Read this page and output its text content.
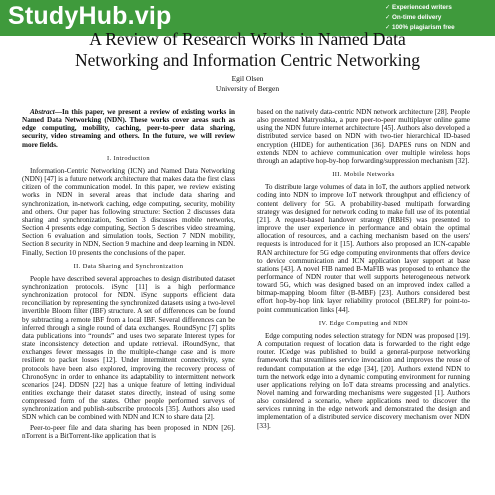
StudyHub.vip	✓ Experienced writers
✓ On-time delivery
✓ 100% plagiarism free
A Review of Research Works in Named Data
Networking and Information Centric Networking
Egil Olsen
University of Bergen

Abstract—In this paper, we present a review of existing works in Named Data Networking (NDN). These works cover areas such as edge computing, mobility, caching, peer-to-peer data sharing, security, video streaming and others. In the future, we will review more fields.

I. Introduction

Information-Centric Networking (ICN) and Named Data Networking (NDN) [47] is a future network architecture that makes data the first class citizen of the communication model. In this paper, we review existing works in NDN in several areas that include data sharing and synchronization, in-network caching, edge computing, security, mobility and others. Our paper has following structure: Section 2 discusses data sharing and synchronization, Section 3 discusses mobile networks, Section 4 presents edge computing, Section 5 describes video streaming, Section 6 evaluation and simulation tools, Section 7 NDN mobility, Section 8 security in NDN, Section 9 machine and deep learning in NDN. Finally, Section 10 presents the conclusions of the paper.

II. Data Sharing and Synchronization

People have described several approaches to design distributed dataset synchronization protocols. iSync [11] is a high performance synchronization protocol for NDN. iSync supports efficient data reconciliation by representing the synchronized datasets using a two-level invertible Bloom filter (IBF) structure. A set of differences can be found by subtracting a remote IBF from a local IBF. Several differences can be inferred through a single round of data exchanges. RoundSync [7] splits data publications into “rounds” and uses two separate Interest types for state inconsistency detection and update retrieval. iRoundSync, that exchanges fewer messages in the multiple-change case and is more resilient to packet losses [12]. Under intermittent connectivity, sync protocols have been also explored, improving the recovery process of ChronoSync in order to enhance its adaptability to intermittent network scenarios [24]. DDSN [22] has a unique feature of letting individual entities exchange their dataset states directly, instead of using some compressed form of the states. Other people performed surveys of synchronization and publish-subscribe protocols [35]. Authors also used SDN which can be combined with NDN and ICN to share data [2].

Peer-to-peer file and data sharing has been proposed in NDN [26]. nTorrent is a BitTorrent-like application that is

based on the natively data-centric NDN network architecture [28]. People also presented Matryoshka, a pure peer-to-peer multiplayer online game using the NDN future internet architecture [45]. Authors also developed a distributed service based on NDN with two-tier hierarchical ID-based encryption (HIDE) for authentication [36]. DAPES runs on NDN and extends NDN to achieve communication over multiple wireless hops through an adaptive hop-by-hop forwarding/suppression mechanism [32].

III. Mobile Networks

To distribute large volumes of data in IoT, the authors applied network coding into NDN to improve IoT network throughput and efficiency of content delivery for 5G. A probability-based multipath forwarding strategy was designed for network coding to make full use of its potential [21]. A request-based handover strategy (RBHS) was presented to improve the user experience in performance and obtain the optimal allocation of resources, and a caching mechanism based on the users' requests is introduced for it [15]. Authors also proposed an ICN-capable RAN architecture for 5G edge computing environments that offers device to device communication and ICN application layer support at base stations [43]. A novel FIB named B-MaFIB was proposed to enhance the performance of NDN router that well supports heterogeneous network toward 5G, which was designed based on an improved index called a bitmap-mapping bloom filter (B-MBF) [23]. Authors considered best effort hop-by-hop link layer reliability protocol (BELRP) for point-to-point communication links [44].

IV. Edge Computing and NDN

Edge computing nodes selection strategy for NDN was proposed [19]. A computation request of location data is forwarded to the right edge router. ICedge was published to build a general-purpose networking framework that streamlines service invocation and improves the reuse of redundant computation at the edge [34], [20]. Authors extend NDN to turn the network edge into a dynamic computing environment for running user applications relying on IoT data streams processing and analytics. Novel naming and forwarding mechanisms were suggested [1]. Authors also considered a scenario, where applications need to discover the services running in the edge network and demonstrated the design and implementation of a distributed service discovery mechanism over NDN [33].
